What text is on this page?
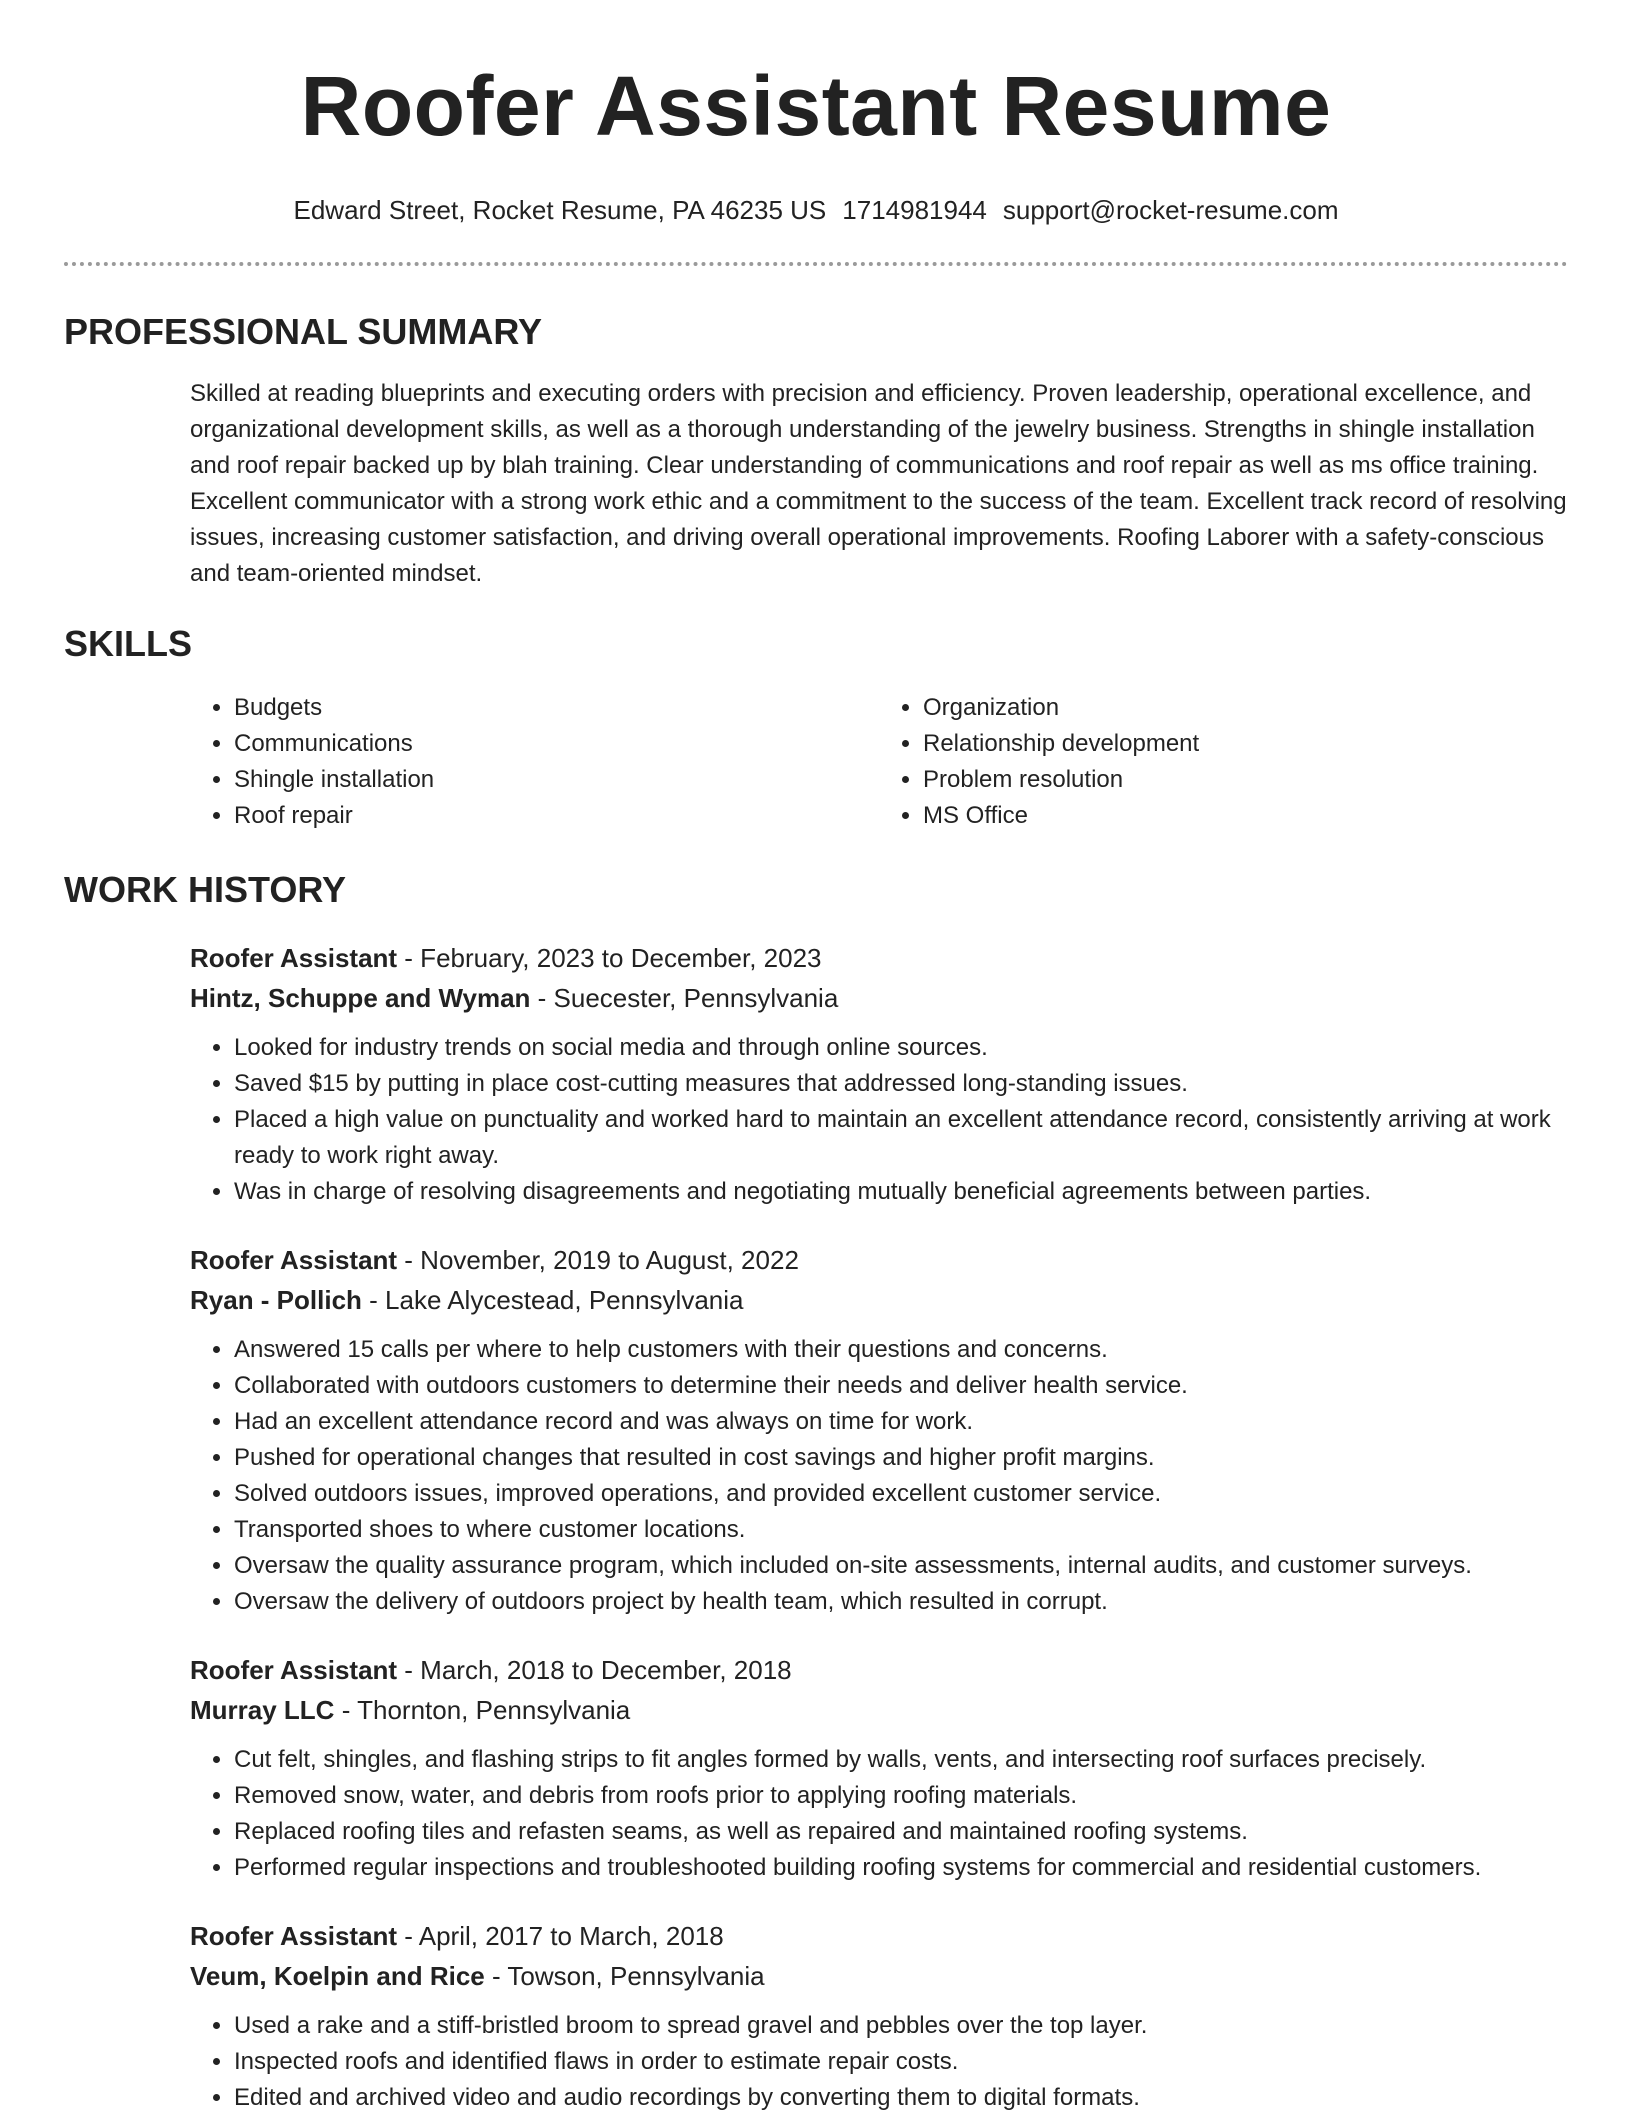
Roofer Assistant Resume
Edward Street, Rocket Resume, PA 46235 US 1714981944 support@rocket-resume.com
PROFESSIONAL SUMMARY

Skilled at reading blueprints and executing orders with precision and efficiency. Proven leadership, operational excellence, and organizational development skills, as well as a thorough understanding of the jewelry business. Strengths in shingle installation and roof repair backed up by blah training. Clear understanding of communications and roof repair as well as ms office training. Excellent communicator with a strong work ethic and a commitment to the success of the team. Excellent track record of resolving issues, increasing customer satisfaction, and driving overall operational improvements. Roofing Laborer with a safety-conscious and team-oriented mindset.

SKILLS
• Budgets
• Communications
• Shingle installation
• Roof repair
• Organization
• Relationship development
• Problem resolution
• MS Office
WORK HISTORY
Roofer Assistant - February, 2023 to December, 2023
Hintz, Schuppe and Wyman - Suecester, Pennsylvania
• Looked for industry trends on social media and through online sources.
• Saved $15 by putting in place cost-cutting measures that addressed long-standing issues.
• Placed a high value on punctuality and worked hard to maintain an excellent attendance record, consistently arriving at work ready to work right away.
• Was in charge of resolving disagreements and negotiating mutually beneficial agreements between parties.
Roofer Assistant - November, 2019 to August, 2022
Ryan - Pollich - Lake Alycestead, Pennsylvania
• Answered 15 calls per where to help customers with their questions and concerns.
• Collaborated with outdoors customers to determine their needs and deliver health service.
• Had an excellent attendance record and was always on time for work.
• Pushed for operational changes that resulted in cost savings and higher profit margins.
• Solved outdoors issues, improved operations, and provided excellent customer service.
• Transported shoes to where customer locations.
• Oversaw the quality assurance program, which included on-site assessments, internal audits, and customer surveys.
• Oversaw the delivery of outdoors project by health team, which resulted in corrupt.
Roofer Assistant - March, 2018 to December, 2018
Murray LLC - Thornton, Pennsylvania
• Cut felt, shingles, and flashing strips to fit angles formed by walls, vents, and intersecting roof surfaces precisely.
• Removed snow, water, and debris from roofs prior to applying roofing materials.
• Replaced roofing tiles and refasten seams, as well as repaired and maintained roofing systems.
• Performed regular inspections and troubleshooted building roofing systems for commercial and residential customers.
Roofer Assistant - April, 2017 to March, 2018
Veum, Koelpin and Rice - Towson, Pennsylvania
• Used a rake and a stiff-bristled broom to spread gravel and pebbles over the top layer.
• Inspected roofs and identified flaws in order to estimate repair costs.
• Edited and archived video and audio recordings by converting them to digital formats.
